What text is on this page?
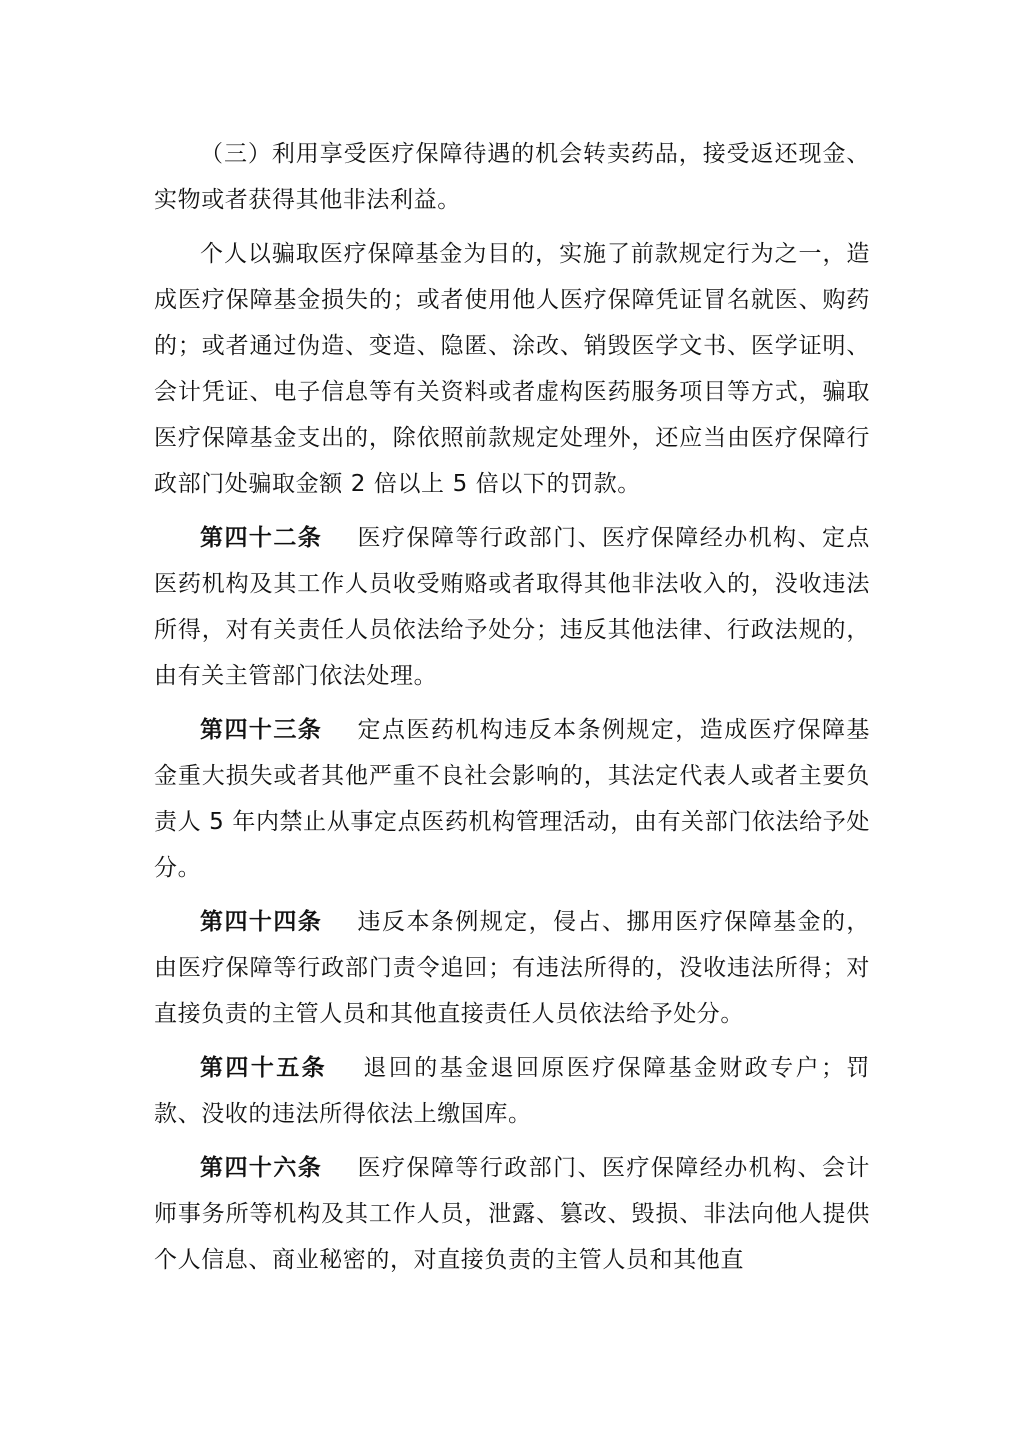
（三）利用享受医疗保障待遇的机会转卖药品，接受返还现金、实物或者获得其他非法利益。

个人以骗取医疗保障基金为目的，实施了前款规定行为之一，造成医疗保障基金损失的；或者使用他人医疗保障凭证冒名就医、购药的；或者通过伪造、变造、隐匿、涂改、销毁医学文书、医学证明、会计凭证、电子信息等有关资料或者虚构医药服务项目等方式，骗取医疗保障基金支出的，除依照前款规定处理外，还应当由医疗保障行政部门处骗取金额 2 倍以上 5 倍以下的罚款。

第四十二条 医疗保障等行政部门、医疗保障经办机构、定点医药机构及其工作人员收受贿赂或者取得其他非法收入的，没收违法所得，对有关责任人员依法给予处分；违反其他法律、行政法规的，由有关主管部门依法处理。

第四十三条 定点医药机构违反本条例规定，造成医疗保障基金重大损失或者其他严重不良社会影响的，其法定代表人或者主要负责人 5 年内禁止从事定点医药机构管理活动，由有关部门依法给予处分。

第四十四条 违反本条例规定，侵占、挪用医疗保障基金的，由医疗保障等行政部门责令追回；有违法所得的，没收违法所得；对直接负责的主管人员和其他直接责任人员依法给予处分。

第四十五条 退回的基金退回原医疗保障基金财政专户；罚款、没收的违法所得依法上缴国库。

第四十六条 医疗保障等行政部门、医疗保障经办机构、会计师事务所等机构及其工作人员，泄露、篡改、毁损、非法向他人提供个人信息、商业秘密的，对直接负责的主管人员和其他直
